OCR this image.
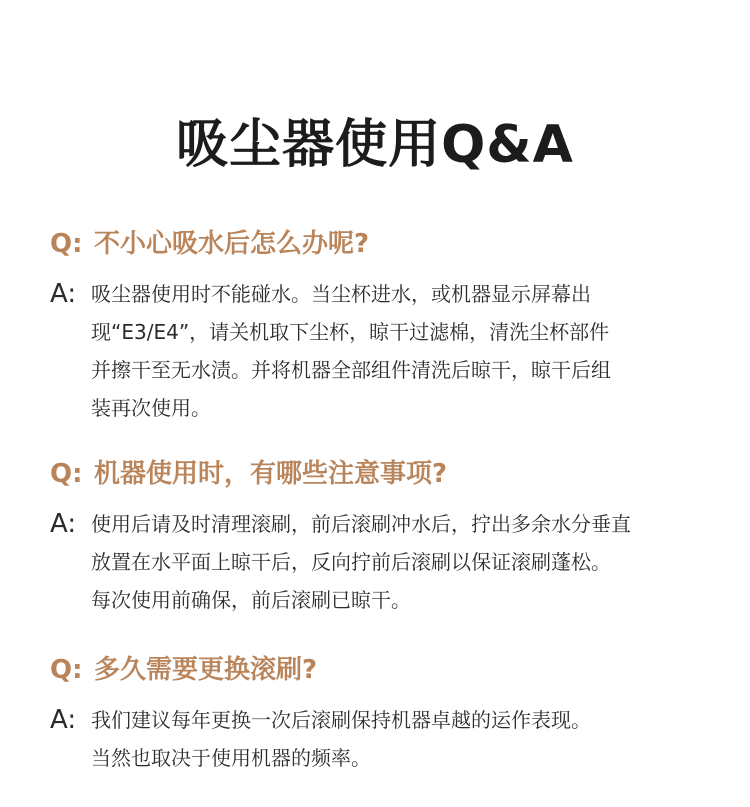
吸尘器使用Q&A
Q: 不小心吸水后怎么办呢?
A: 吸尘器使用时不能碰水。当尘杯进水，或机器显示屏幕出
现“E3/E4”，请关机取下尘杯，晾干过滤棉，清洗尘杯部件
并擦干至无水渍。并将机器全部组件清洗后晾干，晾干后组
装再次使用。
Q: 机器使用时，有哪些注意事项?
A: 使用后请及时清理滚刷，前后滚刷冲水后，拧出多余水分垂直
放置在水平面上晾干后，反向拧前后滚刷以保证滚刷蓬松。
每次使用前确保，前后滚刷已晾干。
Q: 多久需要更换滚刷?
A: 我们建议每年更换一次后滚刷保持机器卓越的运作表现。
当然也取决于使用机器的频率。
